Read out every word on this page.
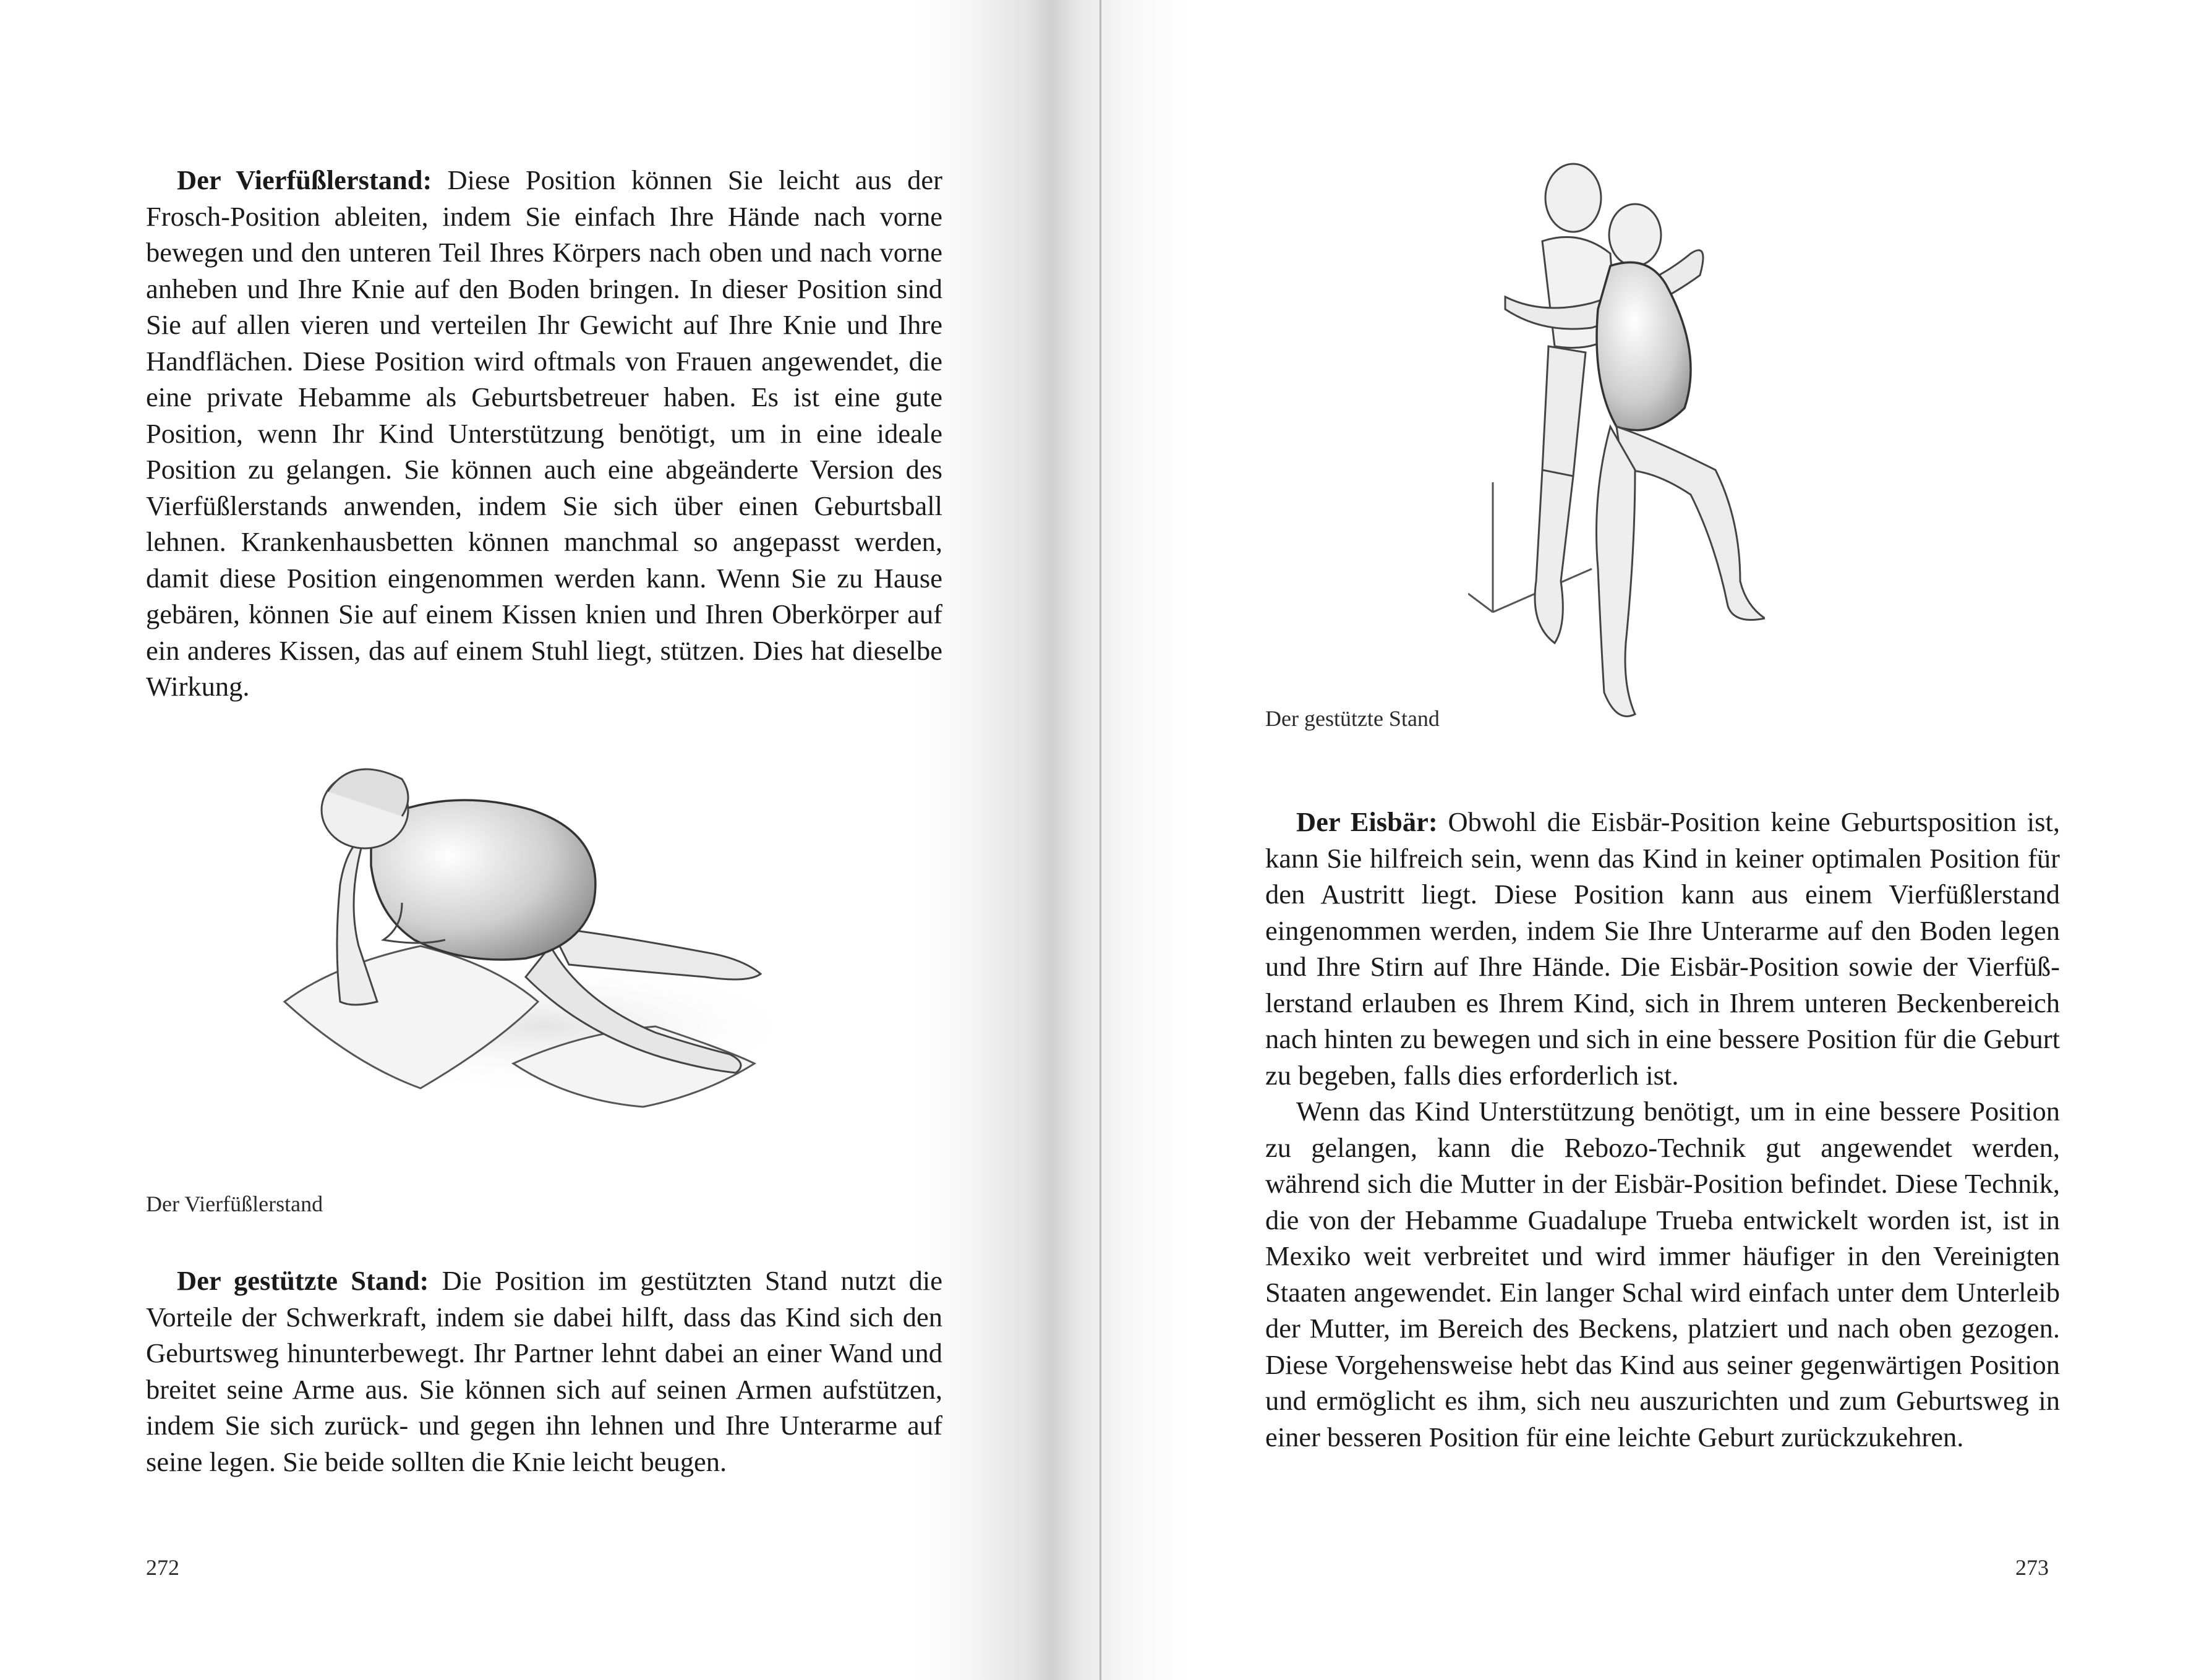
Der Vierfüßlerstand: Diese Position können Sie leicht aus der Frosch-Position ableiten, indem Sie einfach Ihre Hände nach vorne bewegen und den unteren Teil Ihres Körpers nach oben und nach vorne anheben und Ihre Knie auf den Boden bringen. In dieser Position sind Sie auf allen vieren und verteilen Ihr Gewicht auf Ihre Knie und Ihre Handflächen. Diese Position wird oftmals von Frauen angewendet, die eine private Hebamme als Geburtsbetreuer haben. Es ist eine gute Position, wenn Ihr Kind Unterstützung benötigt, um in eine ideale Position zu gelangen. Sie können auch eine abgeänderte Version des Vierfüßlerstands anwenden, indem Sie sich über einen Geburtsball lehnen. Krankenhausbetten können manchmal so angepasst werden, damit diese Position eingenommen werden kann. Wenn Sie zu Hause gebären, können Sie auf einem Kissen knien und Ihren Oberkörper auf ein anderes Kissen, das auf einem Stuhl liegt, stützen. Dies hat dieselbe Wirkung.

Der Vierfüßlerstand

Der gestützte Stand: Die Position im gestützten Stand nutzt die Vorteile der Schwerkraft, indem sie dabei hilft, dass das Kind sich den Geburtsweg hinunterbewegt. Ihr Partner lehnt dabei an einer Wand und breitet seine Arme aus. Sie können sich auf seinen Armen aufstützen, indem Sie sich zurück- und gegen ihn lehnen und Ihre Unterarme auf seine legen. Sie beide sollten die Knie leicht beugen.

272
Der gestützte Stand

Der Eisbär: Obwohl die Eisbär-Position keine Geburtsposition ist, kann Sie hilfreich sein, wenn das Kind in keiner optimalen Position für den Austritt liegt. Diese Position kann aus einem Vierfüßlerstand eingenommen werden, indem Sie Ihre Unterarme auf den Boden legen und Ihre Stirn auf Ihre Hände. Die Eisbär-Position sowie der Vierfüßlerstand erlauben es Ihrem Kind, sich in Ihrem unteren Beckenbereich nach hinten zu bewegen und sich in eine bessere Position für die Geburt zu begeben, falls dies erforderlich ist.

Wenn das Kind Unterstützung benötigt, um in eine bessere Position zu gelangen, kann die Rebozo-Technik gut angewendet werden, während sich die Mutter in der Eisbär-Position befindet. Diese Technik, die von der Hebamme Guadalupe Trueba entwickelt worden ist, ist in Mexiko weit verbreitet und wird immer häufiger in den Vereinigten Staaten angewendet. Ein langer Schal wird einfach unter dem Unterleib der Mutter, im Bereich des Beckens, platziert und nach oben gezogen. Diese Vorgehensweise hebt das Kind aus seiner gegenwärtigen Position und ermöglicht es ihm, sich neu auszurichten und zum Geburtsweg in einer besseren Position für eine leichte Geburt zurückzukehren.

273
